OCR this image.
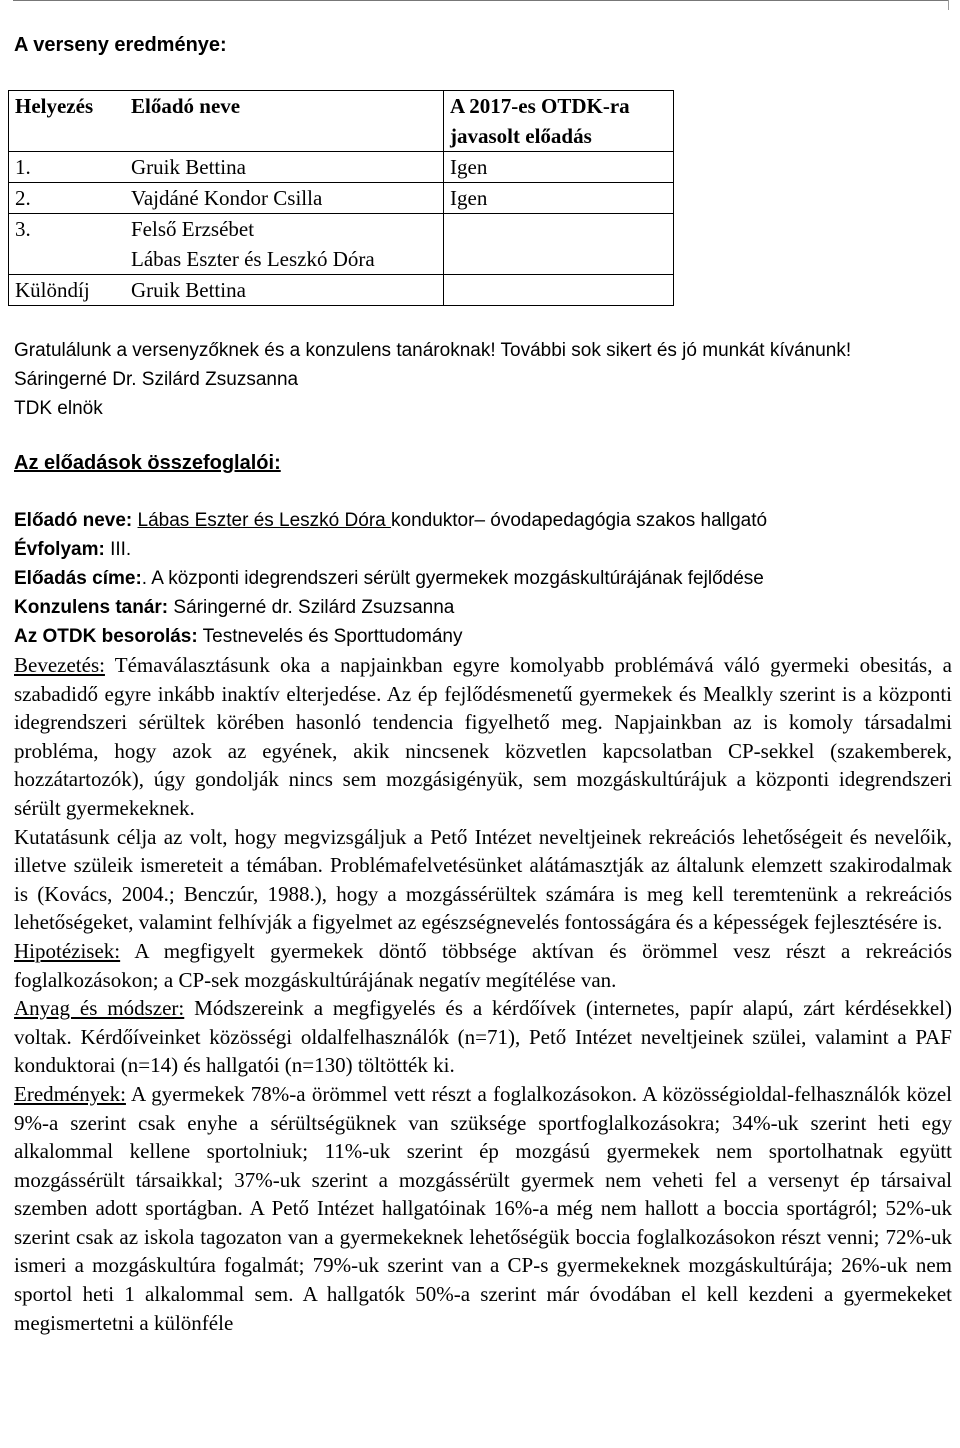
A verseny eredménye:
Helyezés	Előadó neve	A 2017-es OTDK-ra javasolt előadás
1.	Gruik Bettina	Igen
2.	Vajdáné Kondor Csilla	Igen
3.	Felső Erzsébet	
	Lábas Eszter és Leszkó Dóra	
Különdíj	Gruik Bettina	
Gratulálunk a versenyzőknek és a konzulens tanároknak! További sok sikert és jó munkát kívánunk!
Sáringerné Dr. Szilárd Zsuzsanna
TDK elnök
Az előadások összefoglalói:
Előadó neve: Lábas Eszter és Leszkó Dóra konduktor– óvodapedagógia szakos hallgató
Évfolyam: III.
Előadás címe:. A központi idegrendszeri sérült gyermekek mozgáskultúrájának fejlődése
Konzulens tanár: Sáringerné dr. Szilárd Zsuzsanna
Az OTDK besorolás: Testnevelés és Sporttudomány

Bevezetés: Témaválasztásunk oka a napjainkban egyre komolyabb problémává váló gyermeki obesitás, a szabadidő egyre inkább inaktív elterjedése. Az ép fejlődésmenetű gyermekek és Mealkly szerint is a központi idegrendszeri sérültek körében hasonló tendencia figyelhető meg. Napjainkban az is komoly társadalmi probléma, hogy azok az egyének, akik nincsenek közvetlen kapcsolatban CP-sekkel (szakemberek, hozzátartozók), úgy gondolják nincs sem mozgásigényük, sem mozgáskultúrájuk a központi idegrendszeri sérült gyermekeknek.

Kutatásunk célja az volt, hogy megvizsgáljuk a Pető Intézet neveltjeinek rekreációs lehetőségeit és nevelőik, illetve szüleik ismereteit a témában. Problémafelvetésünket alátámasztják az általunk elemzett szakirodalmak is (Kovács, 2004.; Benczúr, 1988.), hogy a mozgássérültek számára is meg kell teremtenünk a rekreációs lehetőségeket, valamint felhívják a figyelmet az egészségnevelés fontosságára és a képességek fejlesztésére is.

Hipotézisek: A megfigyelt gyermekek döntő többsége aktívan és örömmel vesz részt a rekreációs foglalkozásokon; a CP-sek mozgáskultúrájának negatív megítélése van.

Anyag és módszer: Módszereink a megfigyelés és a kérdőívek (internetes, papír alapú, zárt kérdésekkel) voltak. Kérdőíveinket közösségi oldalfelhasználók (n=71), Pető Intézet neveltjeinek szülei, valamint a PAF konduktorai (n=14) és hallgatói (n=130) töltötték ki.

Eredmények: A gyermekek 78%-a örömmel vett részt a foglalkozásokon. A közösségioldal-felhasználók közel 9%-a szerint csak enyhe a sérültségüknek van szüksége sportfoglalkozásokra; 34%-uk szerint heti egy alkalommal kellene sportolniuk; 11%-uk szerint ép mozgású gyermekek nem sportolhatnak együtt mozgássérült társaikkal; 37%-uk szerint a mozgássérült gyermek nem veheti fel a versenyt ép társaival szemben adott sportágban. A Pető Intézet hallgatóinak 16%-a még nem hallott a boccia sportágról; 52%-uk szerint csak az iskola tagozaton van a gyermekeknek lehetőségük boccia foglalkozásokon részt venni; 72%-uk ismeri a mozgáskultúra fogalmát; 79%-uk szerint van a CP-s gyermekeknek mozgáskultúrája; 26%-uk nem sportol heti 1 alkalommal sem. A hallgatók 50%-a szerint már óvodában el kell kezdeni a gyermekeket megismertetni a különféle
